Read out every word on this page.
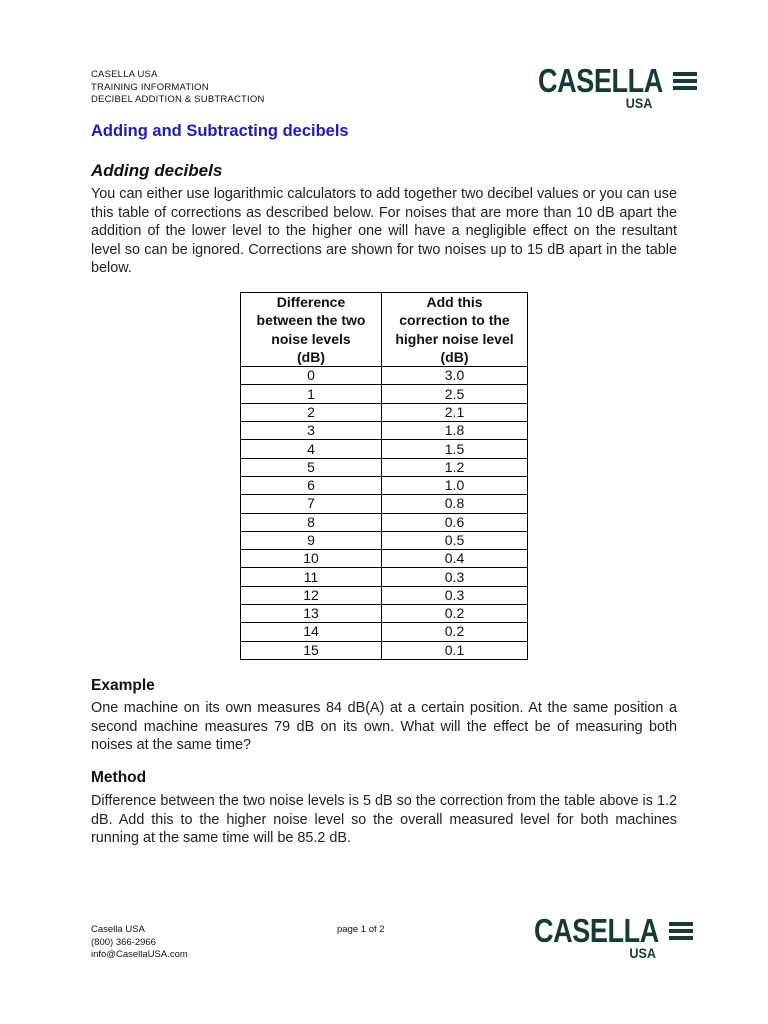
CASELLA USA
TRAINING INFORMATION
DECIBEL ADDITION & SUBTRACTION
CASELLA
USA
Adding and Subtracting decibels
Adding decibels
You can either use logarithmic calculators to add together two decibel values or you can use this table of corrections as described below. For noises that are more than 10 dB apart the addition of the lower level to the higher one will have a negligible effect on the resultant level so can be ignored. Corrections are shown for two noises up to 15 dB apart in the table below.
Difference
between the two
noise levels
(dB)	Add this
correction to the
higher noise level
(dB)
0	3.0
1	2.5
2	2.1
3	1.8
4	1.5
5	1.2
6	1.0
7	0.8
8	0.6
9	0.5
10	0.4
11	0.3
12	0.3
13	0.2
14	0.2
15	0.1
Example
One machine on its own measures 84 dB(A) at a certain position. At the same position a second machine measures 79 dB on its own. What will the effect be of measuring both noises at the same time?
Method
Difference between the two noise levels is 5 dB so the correction from the table above is 1.2 dB. Add this to the higher noise level so the overall measured level for both machines running at the same time will be 85.2 dB.
Casella USA
(800) 366-2966
info@CasellaUSA.com
page 1 of 2	CASELLA
USA
